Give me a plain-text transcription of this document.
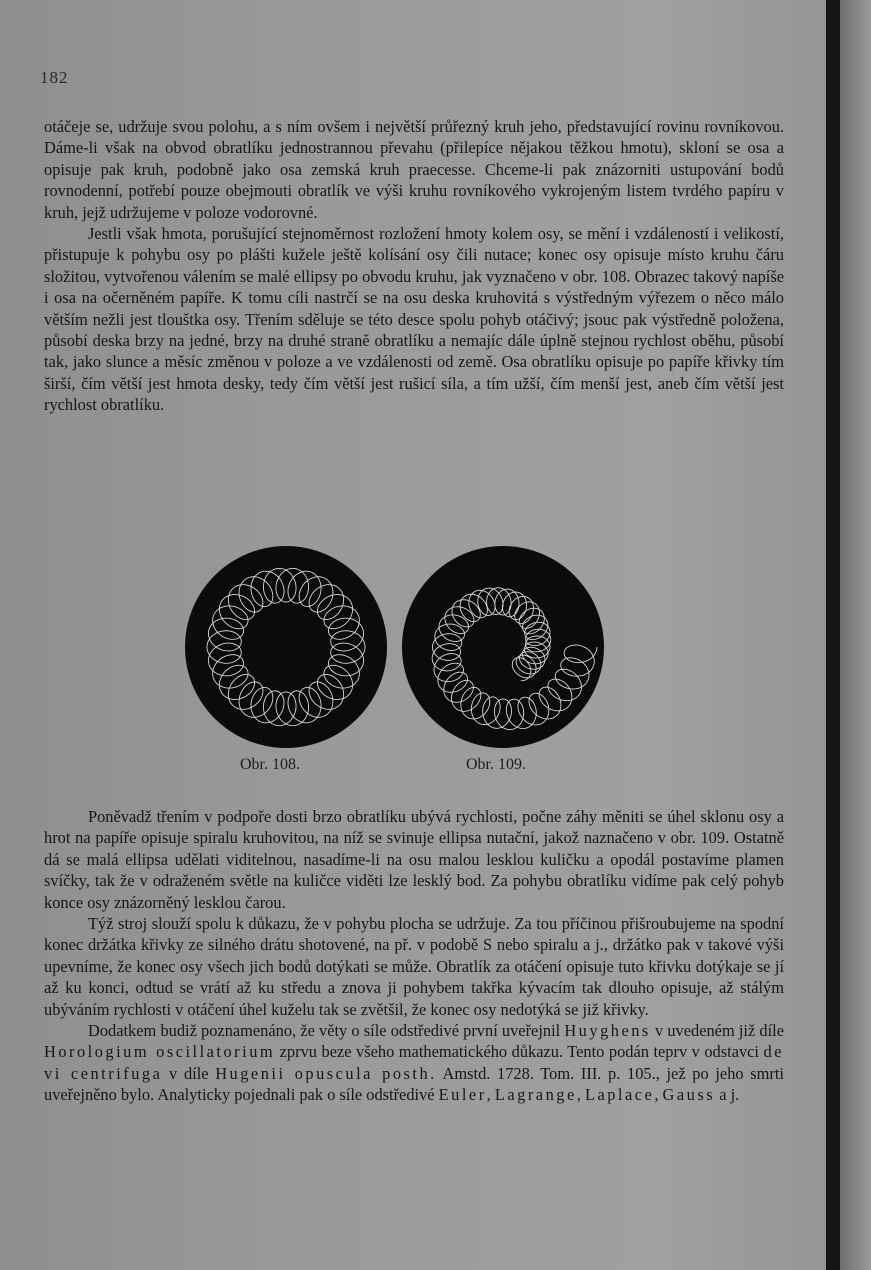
182

otáčeje se, udržuje svou polohu, a s ním ovšem i největší průřezný kruh jeho, představující rovinu rovníkovou. Dáme-li však na obvod obratlíku jednostrannou převahu (přilepíce nějakou těžkou hmotu), skloní se osa a opisuje pak kruh, podobně jako osa zemská kruh praecesse. Chceme-li pak znázorniti ustupování bodů rovnodenní, potřebí pouze obejmouti obratlík ve výši kruhu rovníkového vykrojeným listem tvrdého papíru v kruh, jejž udržujeme v poloze vodorovné.

Jestli však hmota, porušující stejnoměrnost rozložení hmoty kolem osy, se mění i vzdáleností i velikostí, přistupuje k pohybu osy po plášti kužele ještě kolísání osy čili nutace; konec osy opisuje místo kruhu čáru složitou, vytvořenou válením se malé ellipsy po obvodu kruhu, jak vyznačeno v obr. 108. Obrazec takový napíše i osa na očerněném papíře. K tomu cíli nastrčí se na osu deska kruhovitá s výstředným výřezem o něco málo větším nežli jest tlouštka osy. Třením sděluje se této desce spolu pohyb otáčivý; jsouc pak výstředně položena, působí deska brzy na jedné, brzy na druhé straně obratlíku a nemajíc dále úplně stejnou rychlost oběhu, působí tak, jako slunce a měsíc změnou v poloze a ve vzdálenosti od země. Osa obratlíku opisuje po papíře křivky tím širší, čím větší jest hmota desky, tedy čím větší jest rušicí síla, a tím užší, čím menší jest, aneb čím větší jest rychlost obratlíku.

Obr. 108.	Obr. 109.

Poněvadž třením v podpoře dosti brzo obratlíku ubývá rychlosti, počne záhy měniti se úhel sklonu osy a hrot na papíře opisuje spiralu kruhovitou, na níž se svinuje ellipsa nutační, jakož naznačeno v obr. 109. Ostatně dá se malá ellipsa udělati viditelnou, nasadíme-li na osu malou lesklou kuličku a opodál postavíme plamen svíčky, tak že v odraženém světle na kuličce viděti lze lesklý bod. Za pohybu obratlíku vidíme pak celý pohyb konce osy znázorněný lesklou čarou.

Týž stroj slouží spolu k důkazu, že v pohybu plocha se udržuje. Za tou příčinou přišroubujeme na spodní konec držátka křivky ze silného drátu shotovené, na př. v podobě S nebo spiralu a j., držátko pak v takové výši upevníme, že konec osy všech jich bodů dotýkati se může. Obratlík za otáčení opisuje tuto křivku dotýkaje se jí až ku konci, odtud se vrátí až ku středu a znova ji pohybem takřka kývacím tak dlouho opisuje, až stálým ubýváním rychlosti v otáčení úhel kuželu tak se zvětšil, že konec osy nedotýká se již křivky.

Dodatkem budiž poznamenáno, že věty o síle odstředivé první uveřejnil Huyghens v uvedeném již díle Horologium oscillatorium zprvu beze všeho mathematického důkazu. Tento podán teprv v odstavci de vi centrifuga v díle Hugenii opuscula posth. Amstd. 1728. Tom. III. p. 105., jež po jeho smrti uveřejněno bylo. Analyticky pojednali pak o síle odstředivé Euler, Lagrange, Laplace, Gauss a j.
